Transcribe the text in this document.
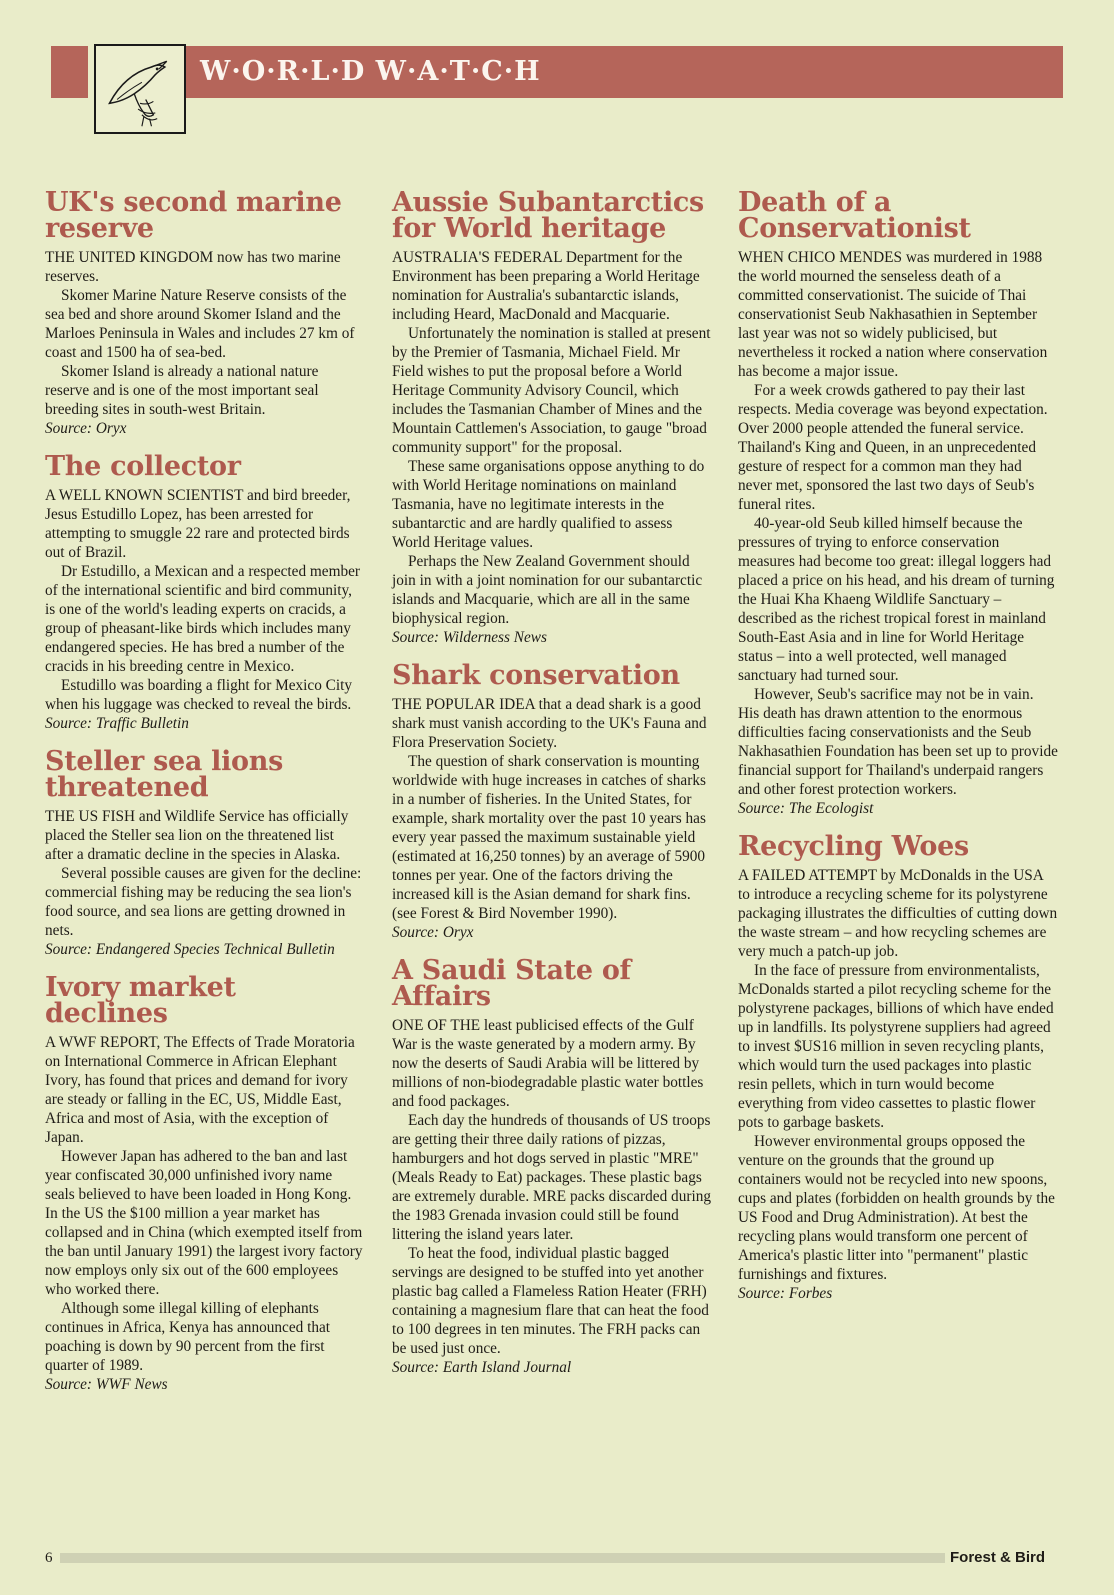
W·O·R·L·D W·A·T·C·H
UK's second marine reserve

THE UNITED KINGDOM now has two marine reserves.

Skomer Marine Nature Reserve consists of the sea bed and shore around Skomer Island and the Marloes Peninsula in Wales and includes 27 km of coast and 1500 ha of sea-bed.

Skomer Island is already a national nature reserve and is one of the most important seal breeding sites in south-west Britain.

Source: Oryx

The collector

A WELL KNOWN SCIENTIST and bird breeder, Jesus Estudillo Lopez, has been arrested for attempting to smuggle 22 rare and protected birds out of Brazil.

Dr Estudillo, a Mexican and a respected member of the international scientific and bird community, is one of the world's leading experts on cracids, a group of pheasant-like birds which includes many endangered species. He has bred a number of the cracids in his breeding centre in Mexico.

Estudillo was boarding a flight for Mexico City when his luggage was checked to reveal the birds.

Source: Traffic Bulletin

Steller sea lions threatened

THE US FISH and Wildlife Service has officially placed the Steller sea lion on the threatened list after a dramatic decline in the species in Alaska.

Several possible causes are given for the decline: commercial fishing may be reducing the sea lion's food source, and sea lions are getting drowned in nets.

Source: Endangered Species Technical Bulletin

Ivory market declines

A WWF REPORT, The Effects of Trade Moratoria on International Commerce in African Elephant Ivory, has found that prices and demand for ivory are steady or falling in the EC, US, Middle East, Africa and most of Asia, with the exception of Japan.

However Japan has adhered to the ban and last year confiscated 30,000 unfinished ivory name seals believed to have been loaded in Hong Kong. In the US the $100 million a year market has collapsed and in China (which exempted itself from the ban until January 1991) the largest ivory factory now employs only six out of the 600 employees who worked there.

Although some illegal killing of elephants continues in Africa, Kenya has announced that poaching is down by 90 percent from the first quarter of 1989.

Source: WWF News

Aussie Subantarctics for World heritage

AUSTRALIA'S FEDERAL Department for the Environment has been preparing a World Heritage nomination for Australia's subantarctic islands, including Heard, MacDonald and Macquarie.

Unfortunately the nomination is stalled at present by the Premier of Tasmania, Michael Field. Mr Field wishes to put the proposal before a World Heritage Community Advisory Council, which includes the Tasmanian Chamber of Mines and the Mountain Cattlemen's Association, to gauge "broad community support" for the proposal.

These same organisations oppose anything to do with World Heritage nominations on mainland Tasmania, have no legitimate interests in the subantarctic and are hardly qualified to assess World Heritage values.

Perhaps the New Zealand Government should join in with a joint nomination for our subantarctic islands and Macquarie, which are all in the same biophysical region.

Source: Wilderness News

Shark conservation

THE POPULAR IDEA that a dead shark is a good shark must vanish according to the UK's Fauna and Flora Preservation Society.

The question of shark conservation is mounting worldwide with huge increases in catches of sharks in a number of fisheries. In the United States, for example, shark mortality over the past 10 years has every year passed the maximum sustainable yield (estimated at 16,250 tonnes) by an average of 5900 tonnes per year. One of the factors driving the increased kill is the Asian demand for shark fins. (see Forest & Bird November 1990).

Source: Oryx

A Saudi State of Affairs

ONE OF THE least publicised effects of the Gulf War is the waste generated by a modern army. By now the deserts of Saudi Arabia will be littered by millions of non-biodegradable plastic water bottles and food packages.

Each day the hundreds of thousands of US troops are getting their three daily rations of pizzas, hamburgers and hot dogs served in plastic "MRE" (Meals Ready to Eat) packages. These plastic bags are extremely durable. MRE packs discarded during the 1983 Grenada invasion could still be found littering the island years later.

To heat the food, individual plastic bagged servings are designed to be stuffed into yet another plastic bag called a Flameless Ration Heater (FRH) containing a magnesium flare that can heat the food to 100 degrees in ten minutes. The FRH packs can be used just once.

Source: Earth Island Journal

Death of a Conservationist

WHEN CHICO MENDES was murdered in 1988 the world mourned the senseless death of a committed conservationist. The suicide of Thai conservationist Seub Nakhasathien in September last year was not so widely publicised, but nevertheless it rocked a nation where conservation has become a major issue.

For a week crowds gathered to pay their last respects. Media coverage was beyond expectation. Over 2000 people attended the funeral service. Thailand's King and Queen, in an unprecedented gesture of respect for a common man they had never met, sponsored the last two days of Seub's funeral rites.

40-year-old Seub killed himself because the pressures of trying to enforce conservation measures had become too great: illegal loggers had placed a price on his head, and his dream of turning the Huai Kha Khaeng Wildlife Sanctuary – described as the richest tropical forest in mainland South-East Asia and in line for World Heritage status – into a well protected, well managed sanctuary had turned sour.

However, Seub's sacrifice may not be in vain. His death has drawn attention to the enormous difficulties facing conservationists and the Seub Nakhasathien Foundation has been set up to provide financial support for Thailand's underpaid rangers and other forest protection workers.

Source: The Ecologist

Recycling Woes

A FAILED ATTEMPT by McDonalds in the USA to introduce a recycling scheme for its polystyrene packaging illustrates the difficulties of cutting down the waste stream – and how recycling schemes are very much a patch-up job.

In the face of pressure from environmentalists, McDonalds started a pilot recycling scheme for the polystyrene packages, billions of which have ended up in landfills. Its polystyrene suppliers had agreed to invest $US16 million in seven recycling plants, which would turn the used packages into plastic resin pellets, which in turn would become everything from video cassettes to plastic flower pots to garbage baskets.

However environmental groups opposed the venture on the grounds that the ground up containers would not be recycled into new spoons, cups and plates (forbidden on health grounds by the US Food and Drug Administration). At best the recycling plans would transform one percent of America's plastic litter into "permanent" plastic furnishings and fixtures.

Source: Forbes

6	Forest & Bird
